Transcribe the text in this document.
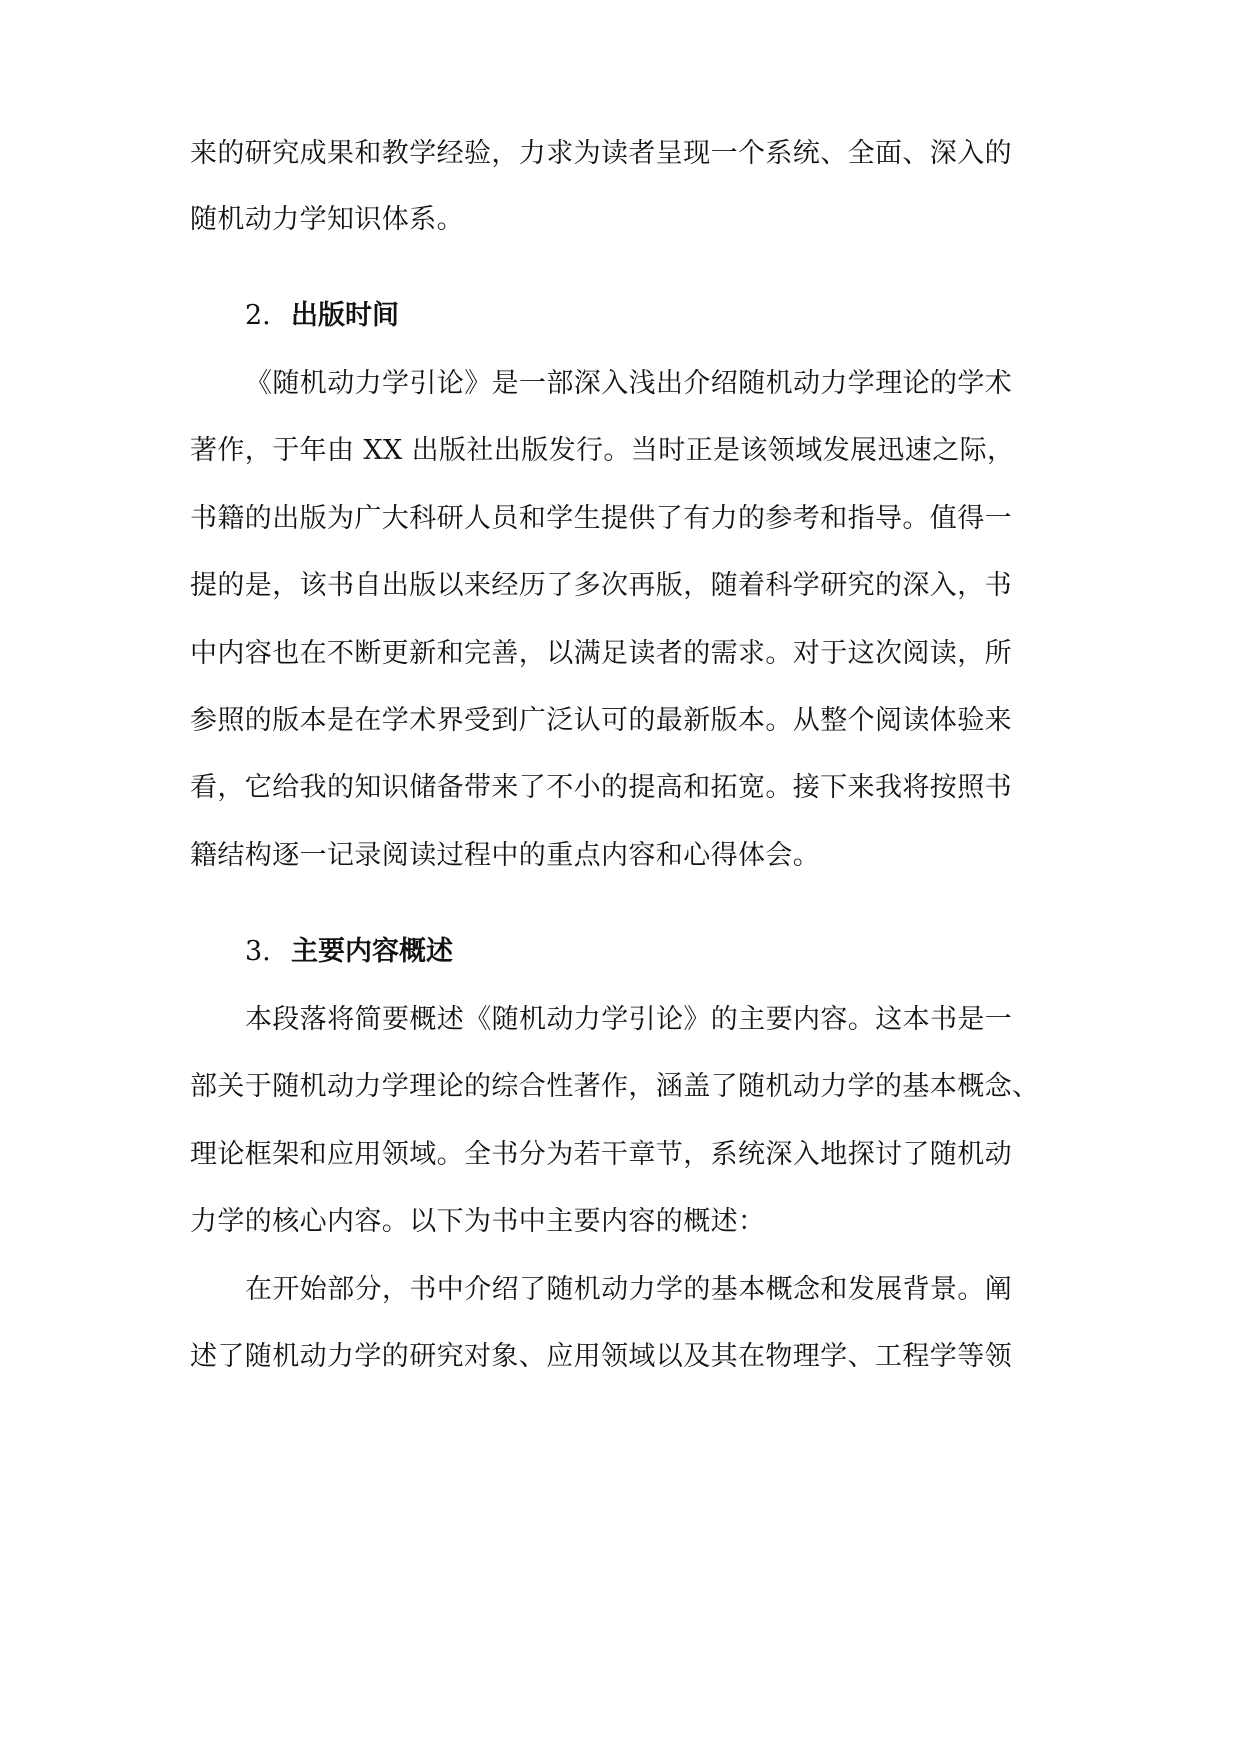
来的研究成果和教学经验，力求为读者呈现一个系统、全面、深入的
随机动力学知识体系。
2. 出版时间
《随机动力学引论》是一部深入浅出介绍随机动力学理论的学术
著作，于年由 XX 出版社出版发行。当时正是该领域发展迅速之际，
书籍的出版为广大科研人员和学生提供了有力的参考和指导。值得一
提的是，该书自出版以来经历了多次再版，随着科学研究的深入，书
中内容也在不断更新和完善，以满足读者的需求。对于这次阅读，所
参照的版本是在学术界受到广泛认可的最新版本。从整个阅读体验来
看，它给我的知识储备带来了不小的提高和拓宽。接下来我将按照书
籍结构逐一记录阅读过程中的重点内容和心得体会。
3. 主要内容概述
本段落将简要概述《随机动力学引论》的主要内容。这本书是一
部关于随机动力学理论的综合性著作，涵盖了随机动力学的基本概念、
理论框架和应用领域。全书分为若干章节，系统深入地探讨了随机动
力学的核心内容。以下为书中主要内容的概述：
在开始部分，书中介绍了随机动力学的基本概念和发展背景。阐
述了随机动力学的研究对象、应用领域以及其在物理学、工程学等领
